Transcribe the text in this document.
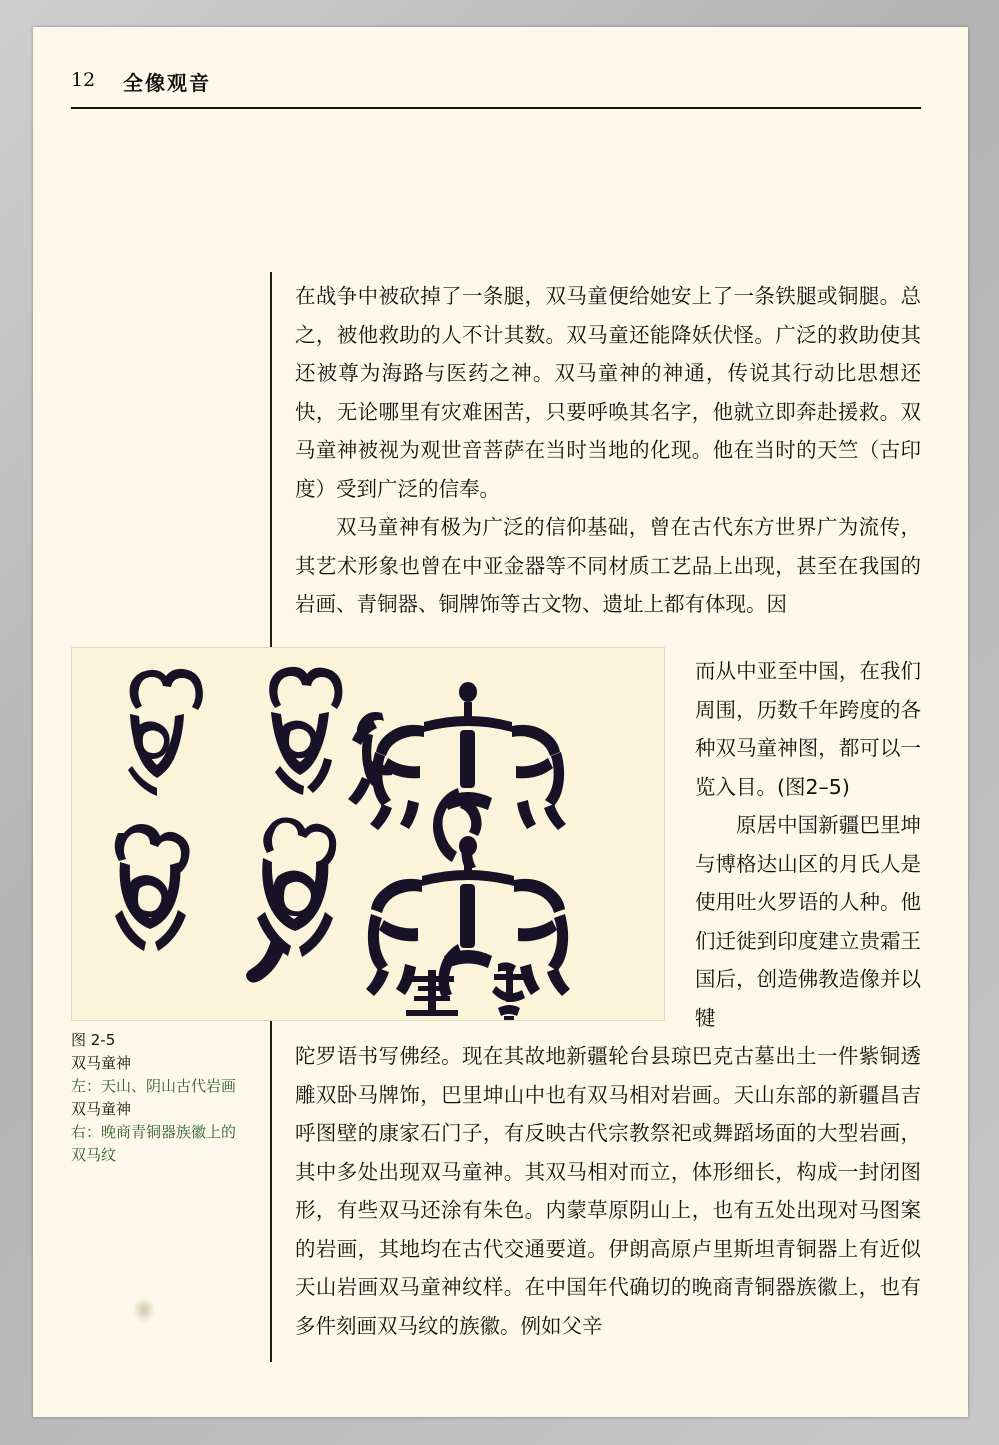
12 全像观音

在战争中被砍掉了一条腿，双马童便给她安上了一条铁腿或铜腿。总之，被他救助的人不计其数。双马童还能降妖伏怪。广泛的救助使其还被尊为海路与医药之神。双马童神的神通，传说其行动比思想还快，无论哪里有灾难困苦，只要呼唤其名字，他就立即奔赴援救。双马童神被视为观世音菩萨在当时当地的化现。他在当时的天竺（古印度）受到广泛的信奉。

双马童神有极为广泛的信仰基础，曾在古代东方世界广为流传，其艺术形象也曾在中亚金器等不同材质工艺品上出现，甚至在我国的岩画、青铜器、铜牌饰等古文物、遗址上都有体现。因

而从中亚至中国，在我们周围，历数千年跨度的各种双马童神图，都可以一览入目。(图2–5)

原居中国新疆巴里坤与博格达山区的月氏人是使用吐火罗语的人种。他们迁徙到印度建立贵霜王国后，创造佛教造像并以犍

图 2-5
双马童神
左：天山、阴山古代岩画
双马童神
右：晚商青铜器族徽上的
双马纹

陀罗语书写佛经。现在其故地新疆轮台县琼巴克古墓出土一件紫铜透雕双卧马牌饰，巴里坤山中也有双马相对岩画。天山东部的新疆昌吉呼图壁的康家石门子，有反映古代宗教祭祀或舞蹈场面的大型岩画，其中多处出现双马童神。其双马相对而立，体形细长，构成一封闭图形，有些双马还涂有朱色。内蒙草原阴山上，也有五处出现对马图案的岩画，其地均在古代交通要道。伊朗高原卢里斯坦青铜器上有近似天山岩画双马童神纹样。在中国年代确切的晚商青铜器族徽上，也有多件刻画双马纹的族徽。例如父辛
